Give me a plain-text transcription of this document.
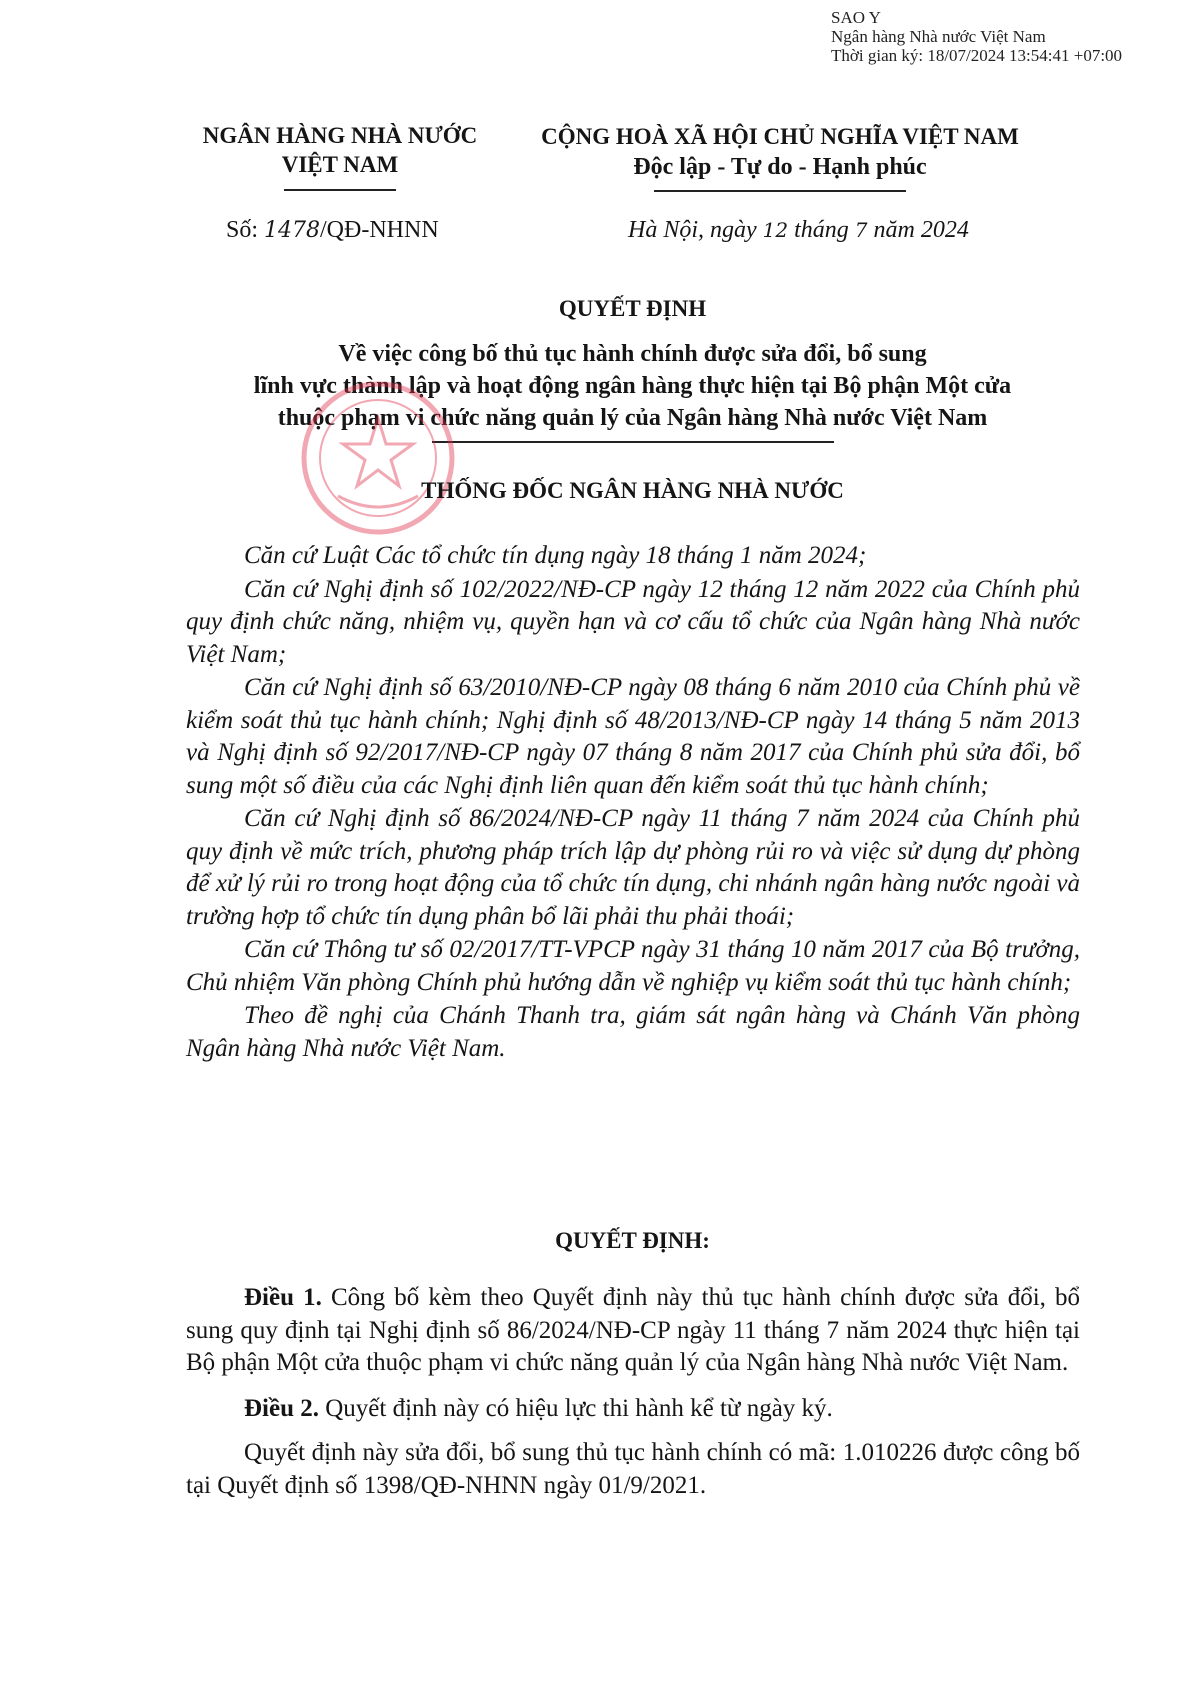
SAO Y
Ngân hàng Nhà nước Việt Nam
Thời gian ký: 18/07/2024 13:54:41 +07:00
NGÂN HÀNG NHÀ NƯỚC
VIỆT NAM
CỘNG HOÀ XÃ HỘI CHỦ NGHĨA VIỆT NAM
Độc lập - Tự do - Hạnh phúc
Số: 1478/QĐ-NHNN	Hà Nội, ngày 12 tháng 7 năm 2024
QUYẾT ĐỊNH
Về việc công bố thủ tục hành chính được sửa đổi, bổ sung
lĩnh vực thành lập và hoạt động ngân hàng thực hiện tại Bộ phận Một cửa
thuộc phạm vi chức năng quản lý của Ngân hàng Nhà nước Việt Nam
THỐNG ĐỐC NGÂN HÀNG NHÀ NƯỚC

Căn cứ Luật Các tổ chức tín dụng ngày 18 tháng 1 năm 2024;

Căn cứ Nghị định số 102/2022/NĐ-CP ngày 12 tháng 12 năm 2022 của Chính phủ quy định chức năng, nhiệm vụ, quyền hạn và cơ cấu tổ chức của Ngân hàng Nhà nước Việt Nam;

Căn cứ Nghị định số 63/2010/NĐ-CP ngày 08 tháng 6 năm 2010 của Chính phủ về kiểm soát thủ tục hành chính; Nghị định số 48/2013/NĐ-CP ngày 14 tháng 5 năm 2013 và Nghị định số 92/2017/NĐ-CP ngày 07 tháng 8 năm 2017 của Chính phủ sửa đổi, bổ sung một số điều của các Nghị định liên quan đến kiểm soát thủ tục hành chính;

Căn cứ Nghị định số 86/2024/NĐ-CP ngày 11 tháng 7 năm 2024 của Chính phủ quy định về mức trích, phương pháp trích lập dự phòng rủi ro và việc sử dụng dự phòng để xử lý rủi ro trong hoạt động của tổ chức tín dụng, chi nhánh ngân hàng nước ngoài và trường hợp tổ chức tín dụng phân bổ lãi phải thu phải thoái;

Căn cứ Thông tư số 02/2017/TT-VPCP ngày 31 tháng 10 năm 2017 của Bộ trưởng, Chủ nhiệm Văn phòng Chính phủ hướng dẫn về nghiệp vụ kiểm soát thủ tục hành chính;

Theo đề nghị của Chánh Thanh tra, giám sát ngân hàng và Chánh Văn phòng Ngân hàng Nhà nước Việt Nam.

QUYẾT ĐỊNH:

Điều 1. Công bố kèm theo Quyết định này thủ tục hành chính được sửa đổi, bổ sung quy định tại Nghị định số 86/2024/NĐ-CP ngày 11 tháng 7 năm 2024 thực hiện tại Bộ phận Một cửa thuộc phạm vi chức năng quản lý của Ngân hàng Nhà nước Việt Nam.

Điều 2. Quyết định này có hiệu lực thi hành kể từ ngày ký.

Quyết định này sửa đổi, bổ sung thủ tục hành chính có mã: 1.010226 được công bố tại Quyết định số 1398/QĐ-NHNN ngày 01/9/2021.
